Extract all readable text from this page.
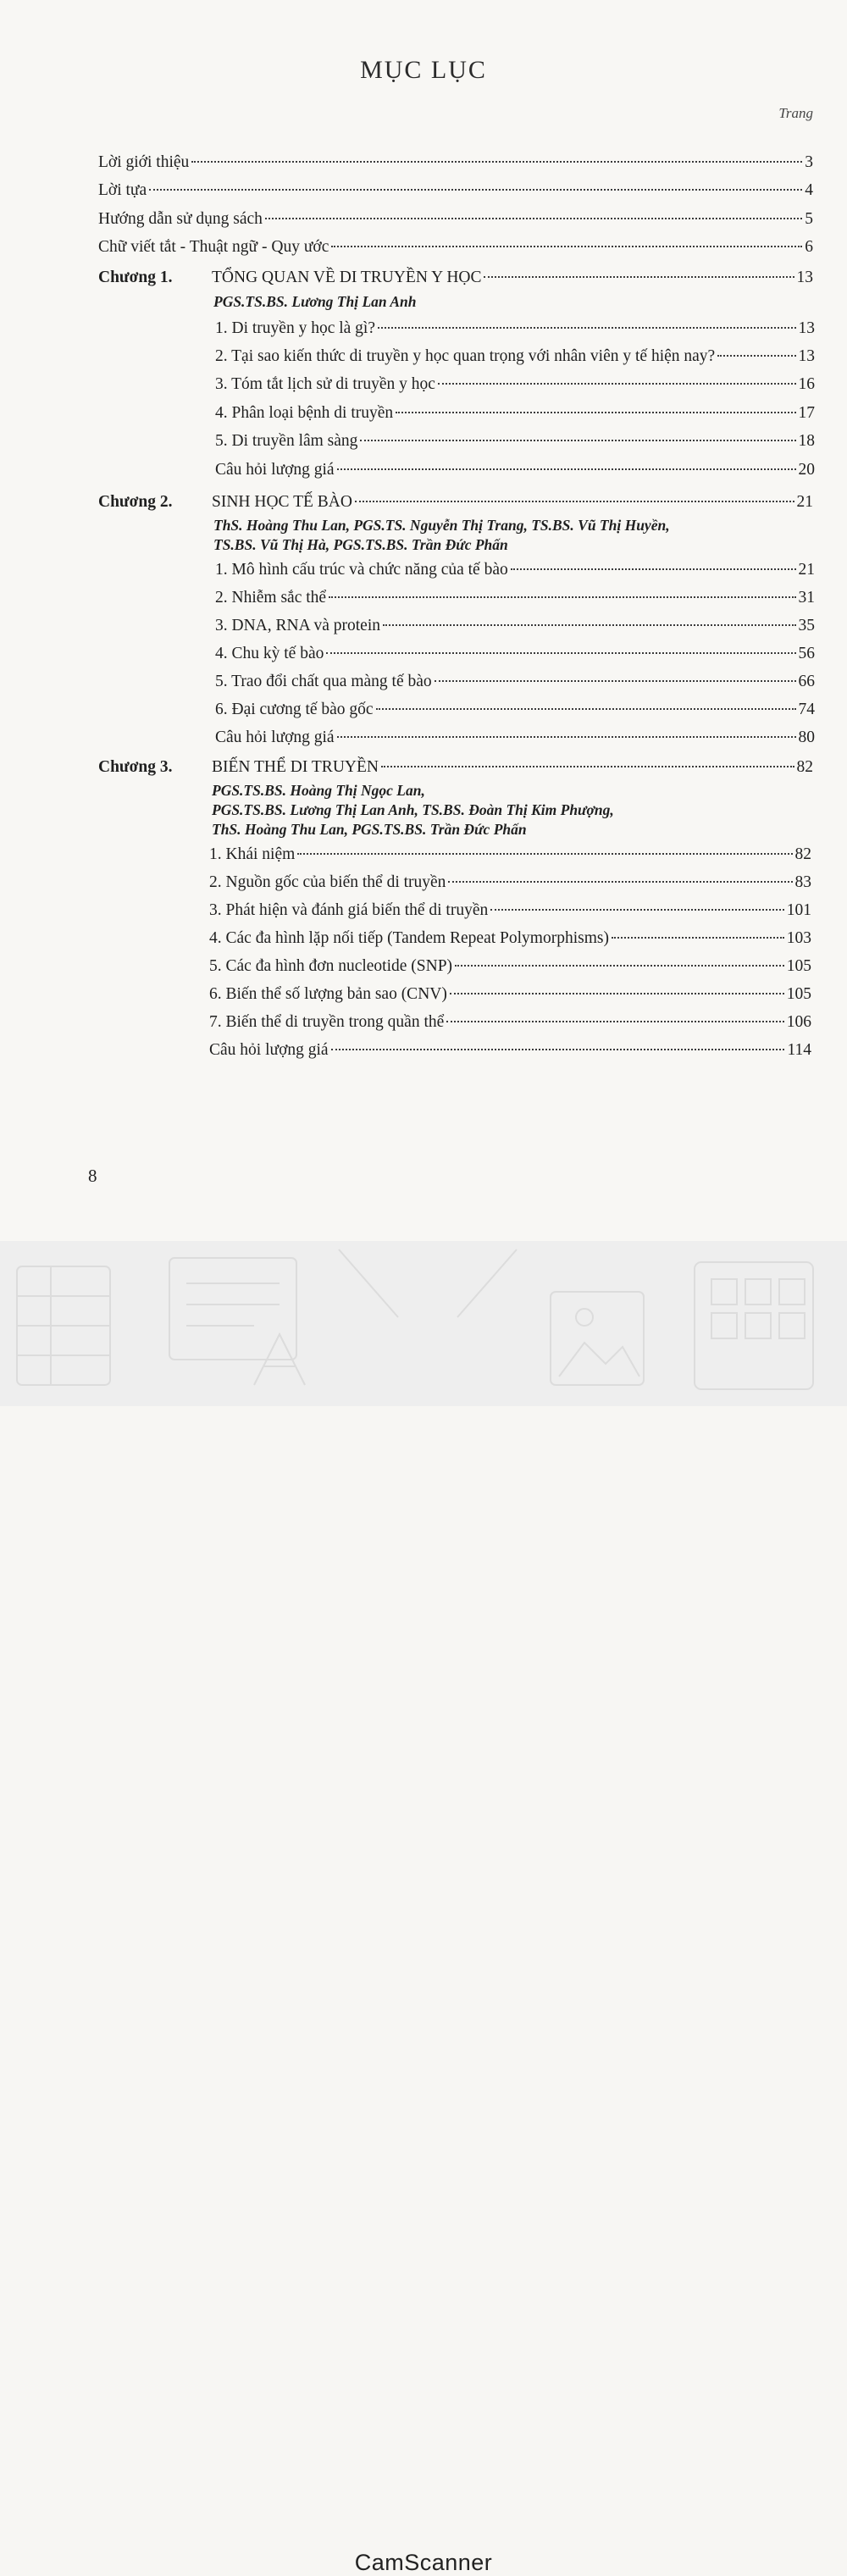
MỤC LỤC
Trang
Lời giới thiệu	3
Lời tựa	4
Hướng dẫn sử dụng sách	5
Chữ viết tắt - Thuật ngữ - Quy ước	6
Chương 1. TỔNG QUAN VỀ DI TRUYỀN Y HỌC	13
PGS.TS.BS. Lương Thị Lan Anh
1. Di truyền y học là gì?	13
2. Tại sao kiến thức di truyền y học quan trọng với nhân viên y tế hiện nay?	13
3. Tóm tắt lịch sử di truyền y học	16
4. Phân loại bệnh di truyền	17
5. Di truyền lâm sàng	18
Câu hỏi lượng giá	20
Chương 2. SINH HỌC TẾ BÀO	21
ThS. Hoàng Thu Lan, PGS.TS. Nguyễn Thị Trang, TS.BS. Vũ Thị Huyền,
TS.BS. Vũ Thị Hà, PGS.TS.BS. Trần Đức Phấn
1. Mô hình cấu trúc và chức năng của tế bào	21
2. Nhiễm sắc thể	31
3. DNA, RNA và protein	35
4. Chu kỳ tế bào	56
5. Trao đổi chất qua màng tế bào	66
6. Đại cương tế bào gốc	74
Câu hỏi lượng giá	80
Chương 3. BIẾN THỂ DI TRUYỀN	82
PGS.TS.BS. Hoàng Thị Ngọc Lan,
PGS.TS.BS. Lương Thị Lan Anh, TS.BS. Đoàn Thị Kim Phượng,
ThS. Hoàng Thu Lan, PGS.TS.BS. Trần Đức Phấn
1. Khái niệm	82
2. Nguồn gốc của biến thể di truyền	83
3. Phát hiện và đánh giá biến thể di truyền	101
4. Các đa hình lặp nối tiếp (Tandem Repeat Polymorphisms)	103
5. Các đa hình đơn nucleotide (SNP)	105
6. Biến thể số lượng bản sao (CNV)	105
7. Biến thể di truyền trong quần thể	106
Câu hỏi lượng giá	114
8
CamScanner
